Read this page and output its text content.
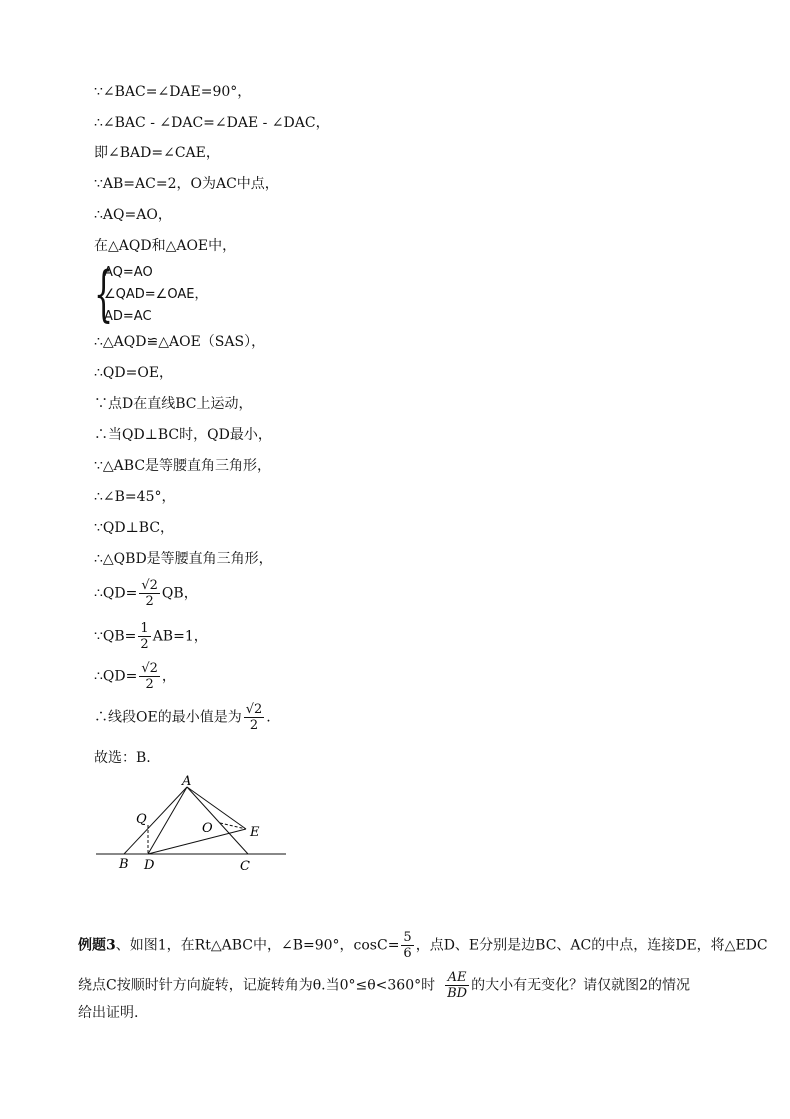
∵∠BAC=∠DAE=90°，
∴∠BAC - ∠DAC=∠DAE - ∠DAC，
即∠BAD=∠CAE，
∵AB=AC=2，O为AC中点，
∴AQ=AO，
在△AQD和△AOE中，
{
AQ=AO
∠QAD=∠OAE，
AD=AC
∴△AQD≌△AOE（SAS），
∴QD=OE，
∵点D在直线BC上运动，
∴当QD⊥BC时，QD最小，
∵△ABC是等腰直角三角形，
∴∠B=45°，
∵QD⊥BC，
∴△QBD是等腰直角三角形，
∴QD= $\frac{√2}{2}$ QB，
∵QB= $\frac{1}{2} AB=1$，
∴QD= $\frac{√2}{2}$ ，
∴线段OE的最小值是为 $\frac{√2}{2}$ .
故选：B.
A
Q
O	E
B D	C
例题3、如图1，在Rt△ABC中，∠B=90°，$\cos C= \frac{5}{6}$ ，点D、E分别是边BC、AC的中点，连接DE，将△EDC
绕点C按顺时针方向旋转，记旋转角为θ.当0°≤θ<360°时 $\frac{AE}{BD}$ 的大小有无变化？请仅就图2的情况
给出证明.
